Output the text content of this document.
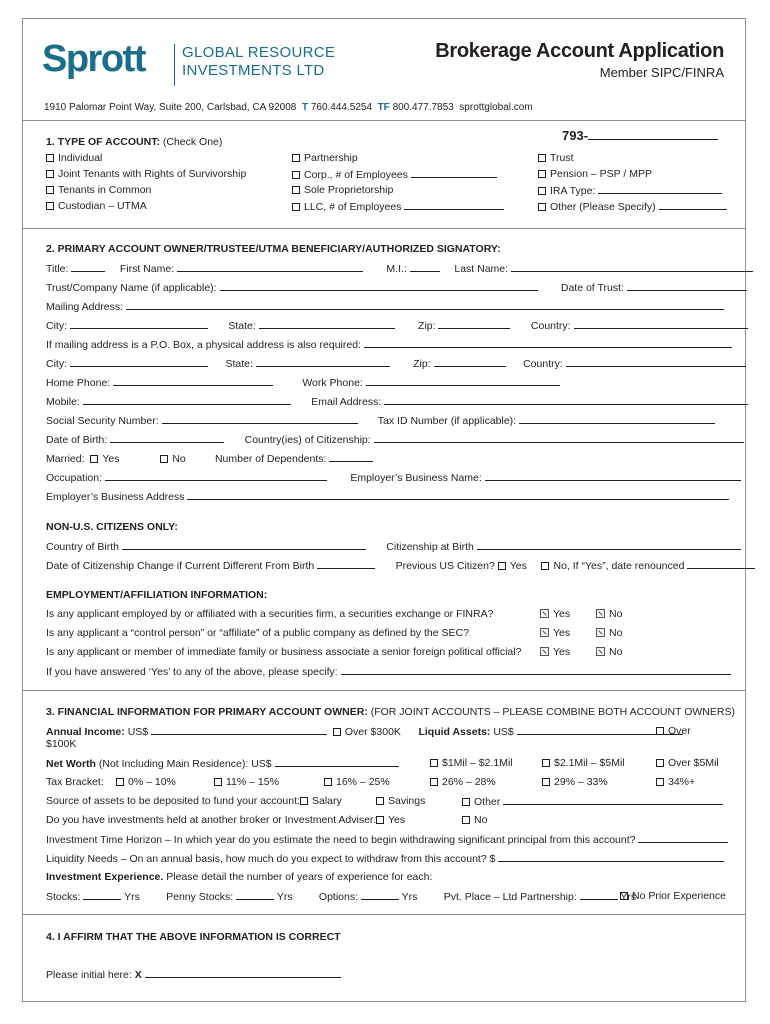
Sprott GLOBAL RESOURCE
INVESTMENTS LTD
Brokerage Account Application
Member SIPC/FINRA
1910 Palomar Point Way, Suite 200, Carlsbad, CA 92008 T 760.444.5254 TF 800.477.7853 sprottglobal.com
793-
1. TYPE OF ACCOUNT: (Check One)
Individual
Joint Tenants with Rights of Survivorship
Tenants in Common
Custodian – UTMA
Partnership
Corp., # of Employees
Sole Proprietorship
LLC, # of Employees
Trust
Pension – PSP / MPP
IRA Type:
Other (Please Specify)
2. PRIMARY ACCOUNT OWNER/TRUSTEE/UTMA BENEFICIARY/AUTHORIZED SIGNATORY:
Title:	First Name:	M.I.:	Last Name:
Trust/Company Name (if applicable):	Date of Trust:
Mailing Address:
City:	State:	Zip:	Country:
If mailing address is a P.O. Box, a physical address is also required:
City:	State:	Zip:	Country:
Home Phone:	Work Phone:
Mobile:	Email Address:
Social Security Number:	Tax ID Number (if applicable):
Date of Birth:	Country(ies) of Citizenship:
Married: Yes	No	Number of Dependents:
Occupation:	Employer’s Business Name:
Employer’s Business Address
NON-U.S. CITIZENS ONLY:
Country of Birth	Citizenship at Birth
Date of Citizenship Change if Current Different From Birth	Previous US Citizen? Yes	No, If “Yes”, date renounced
EMPLOYMENT/AFFILIATION INFORMATION:
Is any applicant employed by or affiliated with a securities firm, a securities exchange or FINRA?	Yes	No
Is any applicant a “control person” or “affiliate” of a public company as defined by the SEC?	Yes	No
Is any applicant or member of immediate family or business associate a senior foreign political official?	Yes	No
If you have answered ‘Yes’ to any of the above, please specify:
3. FINANCIAL INFORMATION FOR PRIMARY ACCOUNT OWNER: (FOR JOINT ACCOUNTS – PLEASE COMBINE BOTH ACCOUNT OWNERS)
Annual Income: US$	Over $300K Liquid Assets: US$	Over
$100K
Net Worth (Not Including Main Residence): US$	$1Mil – $2.1Mil	$2.1Mil – $5Mil	Over $5Mil
Tax Bracket:	0% – 10%	11% – 15%	16% – 25%	26% – 28%	29% – 33%	34%+
Source of assets to be deposited to fund your account:	Salary	Savings	Other
Do you have investments held at another broker or Investment Adviser:	Yes	No
Investment Time Horizon – In which year do you estimate the need to begin withdrawing significant principal from this account?
Liquidity Needs – On an annual basis, how much do you expect to withdraw from this account? $
Investment Experience. Please detail the number of years of experience for each:
Stocks:	Yrs	Penny Stocks:	Yrs	Options:	Yrs	Pvt. Place – Ltd Partnership:	Yrs
No Prior Experience
4. I AFFIRM THAT THE ABOVE INFORMATION IS CORRECT
Please initial here: X
